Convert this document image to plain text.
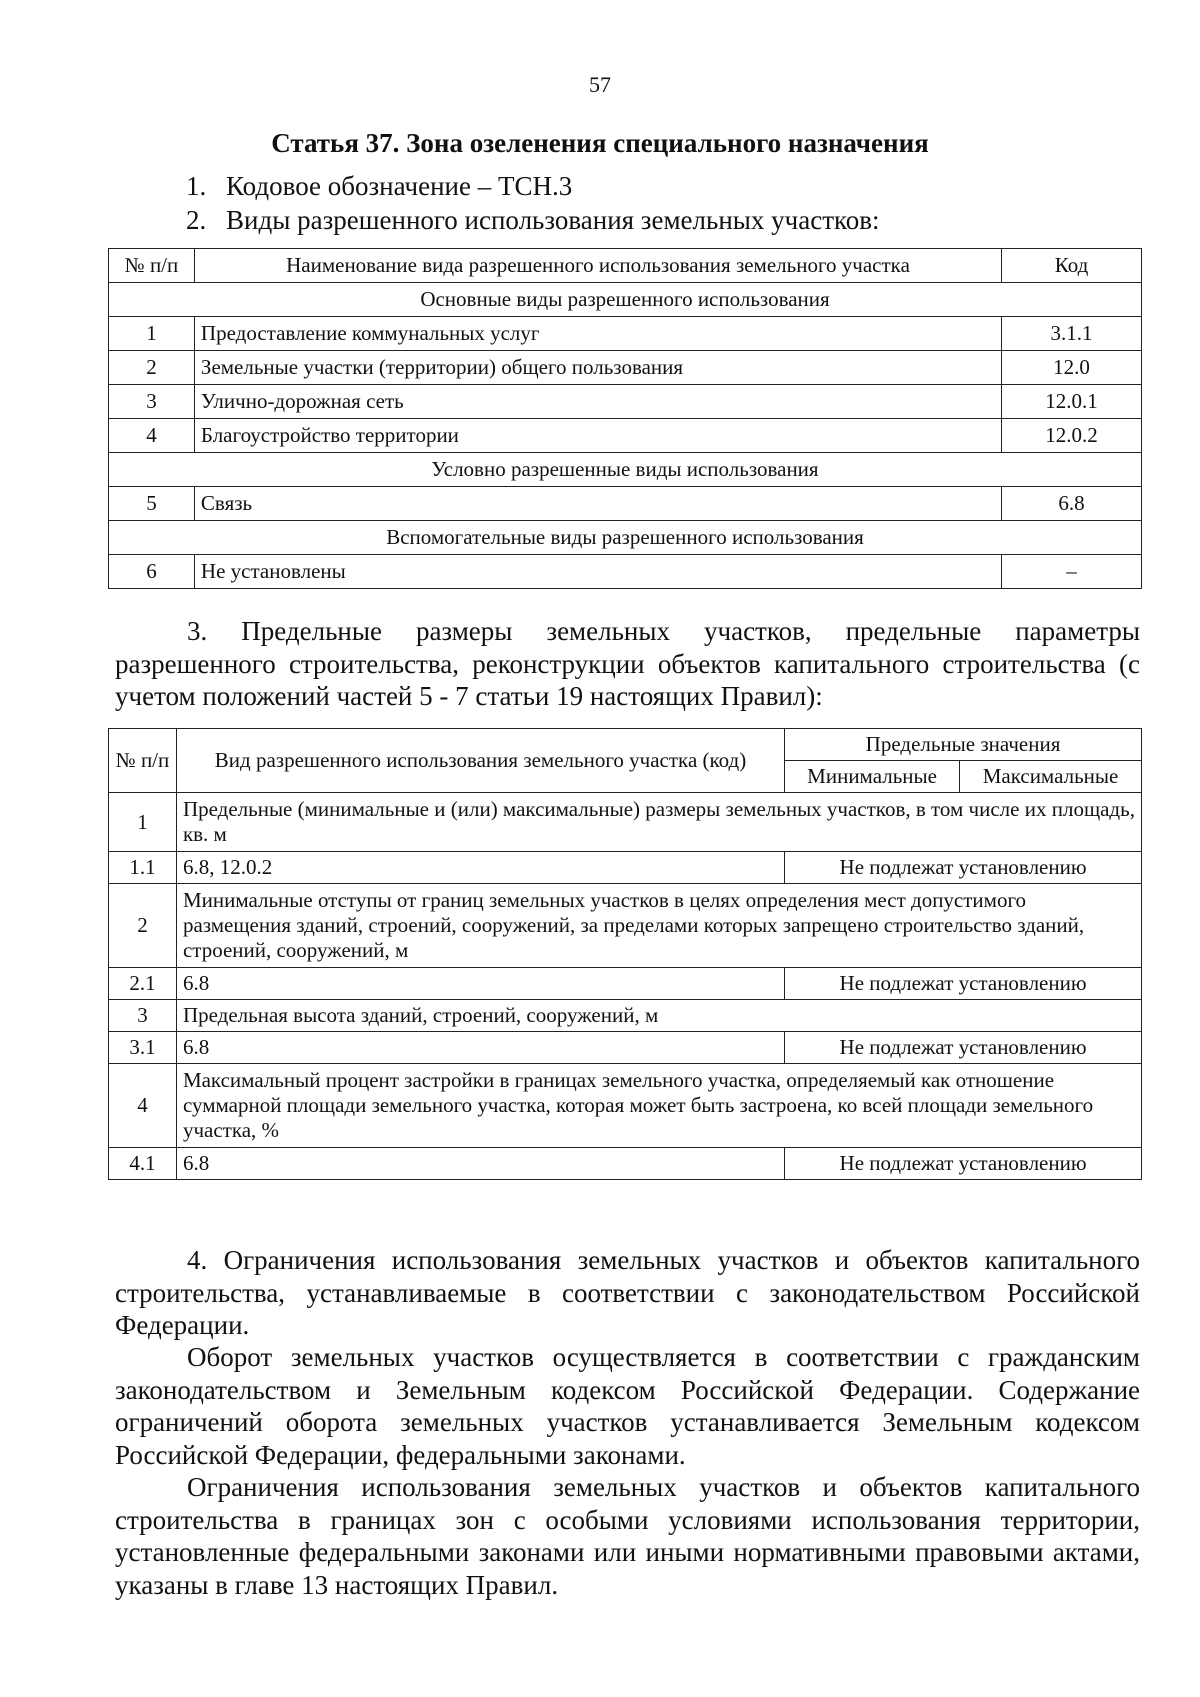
57
Статья 37. Зона озеленения специального назначения
1. Кодовое обозначение – ТСН.3
2. Виды разрешенного использования земельных участков:
№ п/п	Наименование вида разрешенного использования земельного участка	Код
Основные виды разрешенного использования		
1	Предоставление коммунальных услуг	3.1.1
2	Земельные участки (территории) общего пользования	12.0
3	Улично-дорожная сеть	12.0.1
4	Благоустройство территории	12.0.2
Условно разрешенные виды использования		
5	Связь	6.8
Вспомогательные виды разрешенного использования		
6	Не установлены	–

3. Предельные размеры земельных участков, предельные параметры разрешенного строительства, реконструкции объектов капитального строительства (с учетом положений частей 5 - 7 статьи 19 настоящих Правил):

№ п/п	Вид разрешенного использования земельного участка (код)	Предельные значения	
		Минимальные	Максимальные
1	Предельные (минимальные и (или) максимальные) размеры земельных участков, в том числе их площадь, кв. м		
1.1	6.8, 12.0.2	Не подлежат установлению	
2	Минимальные отступы от границ земельных участков в целях определения мест допустимого размещения зданий, строений, сооружений, за пределами которых запрещено строительство зданий, строений, сооружений, м		
2.1	6.8	Не подлежат установлению	
3	Предельная высота зданий, строений, сооружений, м		
3.1	6.8	Не подлежат установлению	
4	Максимальный процент застройки в границах земельного участка, определяемый как отношение суммарной площади земельного участка, которая может быть застроена, ко всей площади земельного участка, %		
4.1	6.8	Не подлежат установлению	

4. Ограничения использования земельных участков и объектов капитального строительства, устанавливаемые в соответствии с законодательством Российской Федерации.

Оборот земельных участков осуществляется в соответствии с гражданским законодательством и Земельным кодексом Российской Федерации. Содержание ограничений оборота земельных участков устанавливается Земельным кодексом Российской Федерации, федеральными законами.

Ограничения использования земельных участков и объектов капитального строительства в границах зон с особыми условиями использования территории, установленные федеральными законами или иными нормативными правовыми актами, указаны в главе 13 настоящих Правил.
